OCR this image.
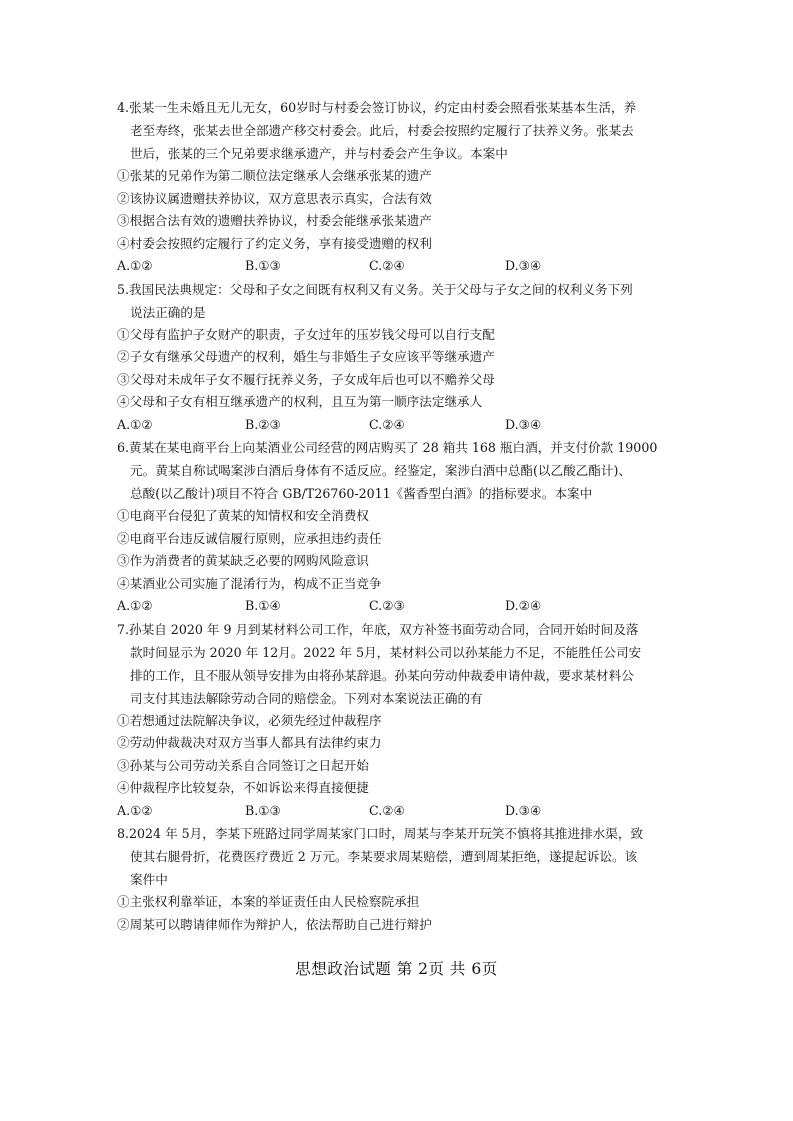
4.张某一生未婚且无儿无女，60岁时与村委会签订协议，约定由村委会照看张某基本生活，养
老至寿终，张某去世全部遗产移交村委会。此后，村委会按照约定履行了扶养义务。张某去
世后，张某的三个兄弟要求继承遗产，并与村委会产生争议。本案中
①张某的兄弟作为第二顺位法定继承人会继承张某的遗产
②该协议属遗赠扶养协议，双方意思表示真实，合法有效
③根据合法有效的遗赠扶养协议，村委会能继承张某遗产
④村委会按照约定履行了约定义务，享有接受遗赠的权利
A.①②	B.①③	C.②④	D.③④
5.我国民法典规定：父母和子女之间既有权利又有义务。关于父母与子女之间的权利义务下列
说法正确的是
①父母有监护子女财产的职责，子女过年的压岁钱父母可以自行支配
②子女有继承父母遗产的权利，婚生与非婚生子女应该平等继承遗产
③父母对未成年子女不履行抚养义务，子女成年后也可以不赡养父母
④父母和子女有相互继承遗产的权利，且互为第一顺序法定继承人
A.①②	B.②③	C.②④	D.③④
6.黄某在某电商平台上向某酒业公司经营的网店购买了 28 箱共 168 瓶白酒，并支付价款 19000
元。黄某自称试喝案涉白酒后身体有不适反应。经鉴定，案涉白酒中总酯(以乙酸乙酯计)、
总酸(以乙酸计)项目不符合 GB/T26760-2011《酱香型白酒》的指标要求。本案中
①电商平台侵犯了黄某的知情权和安全消费权
②电商平台违反诚信履行原则，应承担违约责任
③作为消费者的黄某缺乏必要的网购风险意识
④某酒业公司实施了混淆行为，构成不正当竞争
A.①②	B.①④	C.②③	D.②④
7.孙某自 2020 年 9 月到某材料公司工作，年底，双方补签书面劳动合同，合同开始时间及落
款时间显示为 2020 年 12月。2022 年 5月，某材料公司以孙某能力不足，不能胜任公司安
排的工作，且不服从领导安排为由将孙某辞退。孙某向劳动仲裁委申请仲裁，要求某材料公
司支付其违法解除劳动合同的赔偿金。下列对本案说法正确的有
①若想通过法院解决争议，必须先经过仲裁程序
②劳动仲裁裁决对双方当事人都具有法律约束力
③孙某与公司劳动关系自合同签订之日起开始
④仲裁程序比较复杂，不如诉讼来得直接便捷
A.①②	B.①③	C.②④	D.③④
8.2024 年 5月，李某下班路过同学周某家门口时，周某与李某开玩笑不慎将其推进排水渠，致
使其右腿骨折，花费医疗费近 2 万元。李某要求周某赔偿，遭到周某拒绝，遂提起诉讼。该
案件中
①主张权利靠举证，本案的举证责任由人民检察院承担
②周某可以聘请律师作为辩护人，依法帮助自己进行辩护
思想政治试题 第 2页 共 6页
